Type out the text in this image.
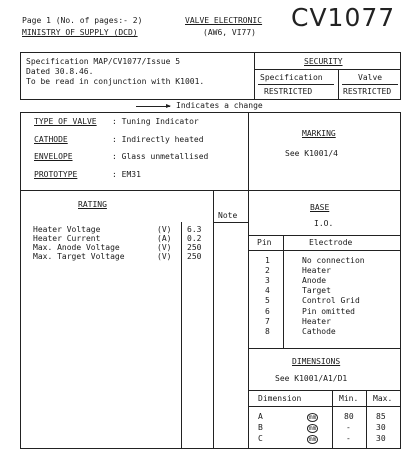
Page 1 (No. of pages:- 2)
MINISTRY OF SUPPLY (DCD)
VALVE ELECTRONIC
(AW6, VI77)
CV1077
Specification MAP/CV1077/Issue 5
Dated 30.8.46.
To be read in conjunction with K1001.
SECURITY
Specification	Valve
RESTRICTED	RESTRICTED
Indicates a change
TYPE OF VALVE : Tuning Indicator
CATHODE	: Indirectly heated
ENVELOPE	: Glass unmetallised
PROTOTYPE	: EM31
MARKING
See K1001/4
RATING
Note
Heater Voltage	(V) 6.3
Heater Current	(A) 0.2
Max. Anode Voltage	(V) 250
Max. Target Voltage	(V) 250
BASE
I.O.
Pin	Electrode
1	No connection
2	Heater
3	Anode
4	Target
5	Control Grid
6	Pin omitted
7	Heater
8	Cathode
DIMENSIONS
See K1001/A1/D1
Dimension	Min. Max.
A	mm	80	85
B	mm	-	30
C	mm	-	30
